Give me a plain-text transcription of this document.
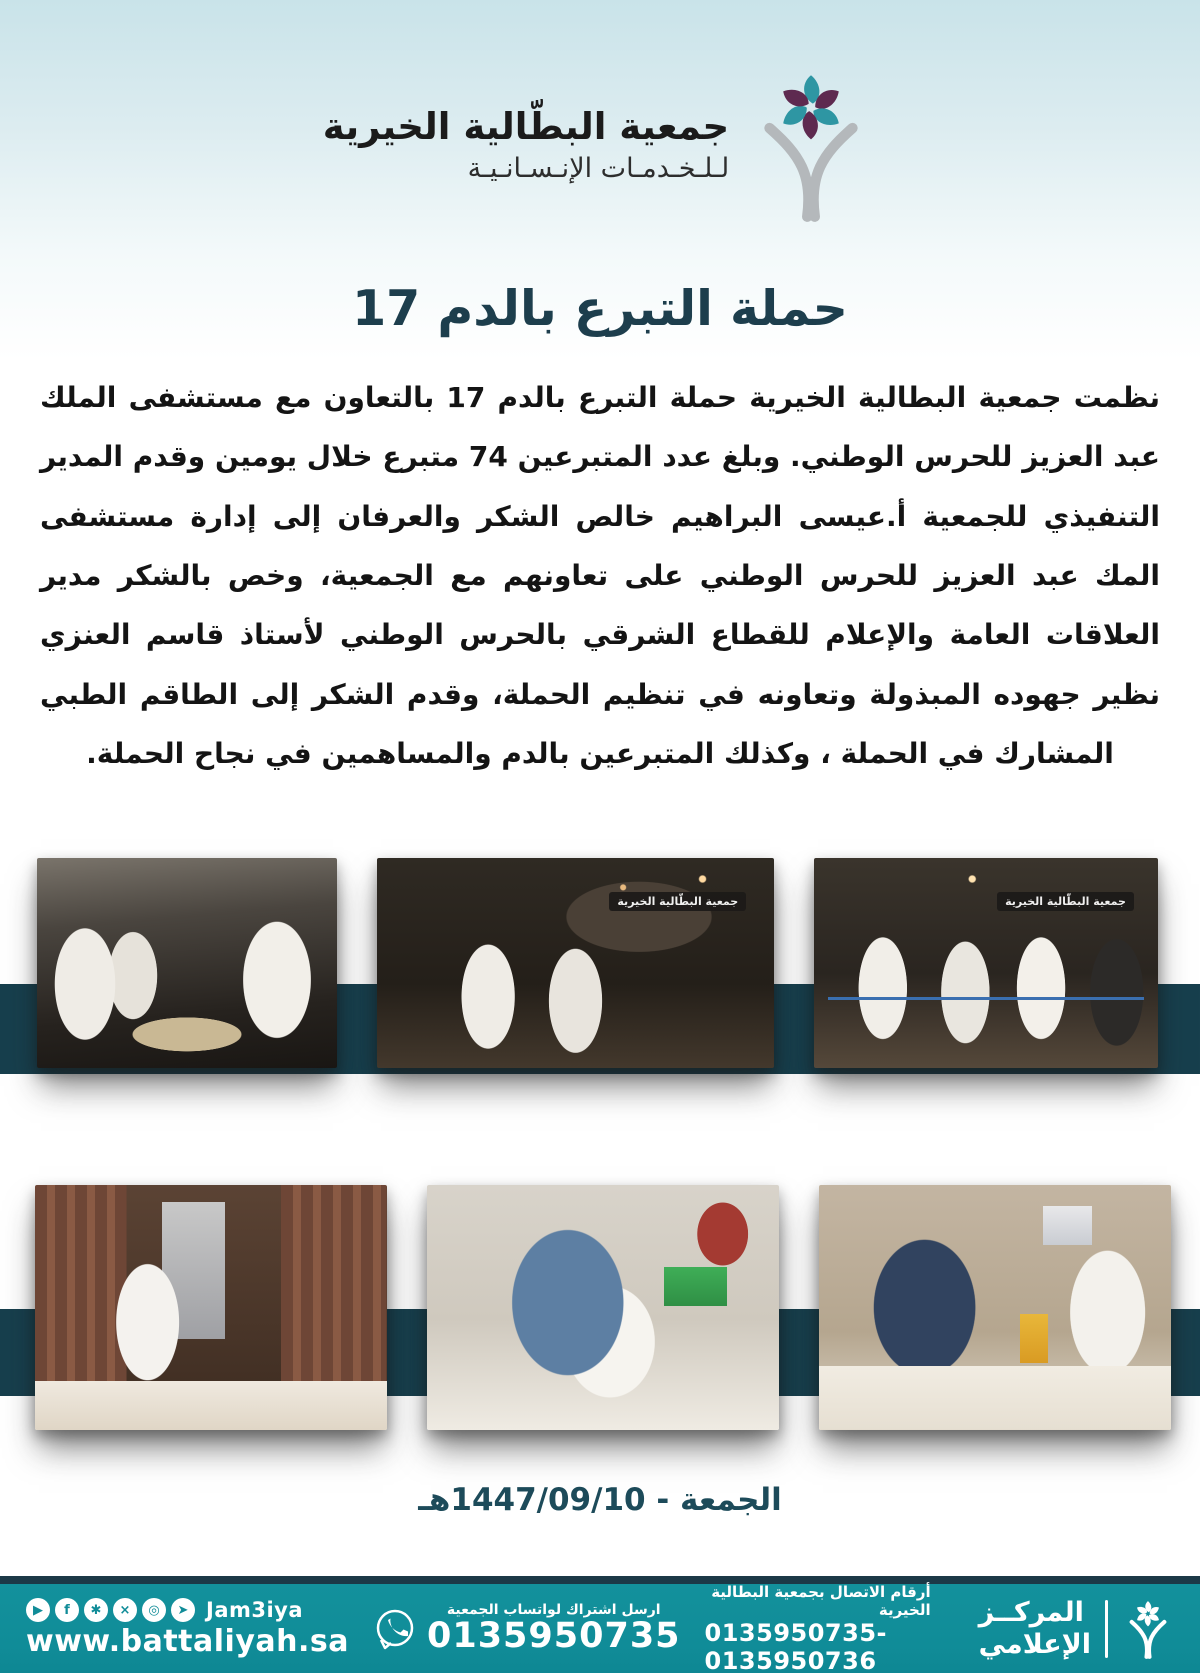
جمعية البطّالية الخيرية
لـلـخـدمـات الإنـسـانـيـة
حملة التبرع بالدم 17
نظمت جمعية البطالية الخيرية حملة التبرع بالدم 17 بالتعاون مع مستشفى الملك عبد العزيز للحرس الوطني. وبلغ عدد المتبرعين 74 متبرع خلال يومين وقدم المدير التنفيذي للجمعية أ.عيسى البراهيم خالص الشكر والعرفان إلى إدارة مستشفى المك عبد العزيز للحرس الوطني على تعاونهم مع الجمعية، وخص بالشكر مدير العلاقات العامة والإعلام للقطاع الشرقي بالحرس الوطني لأستاذ قاسم العنزي نظير جهوده المبذولة وتعاونه في تنظيم الحملة، وقدم الشكر إلى الطاقم الطبي المشارك في الحملة ، وكذلك المتبرعين بالدم والمساهمين في نجاح الحملة.
جمعية البطّالية الخيرية	جمعية البطّالية الخيرية
الجمعة - 1447/09/10هـ
▶	f	✱	×	◎	➤ Jam3iya
www.battaliyah.sa
ارسل اشتراك لواتساب الجمعية
0135950735
أرقام الاتصال بجمعية البطالية الخيرية
0135950735-0135950736
المركــز
الإعلامي
